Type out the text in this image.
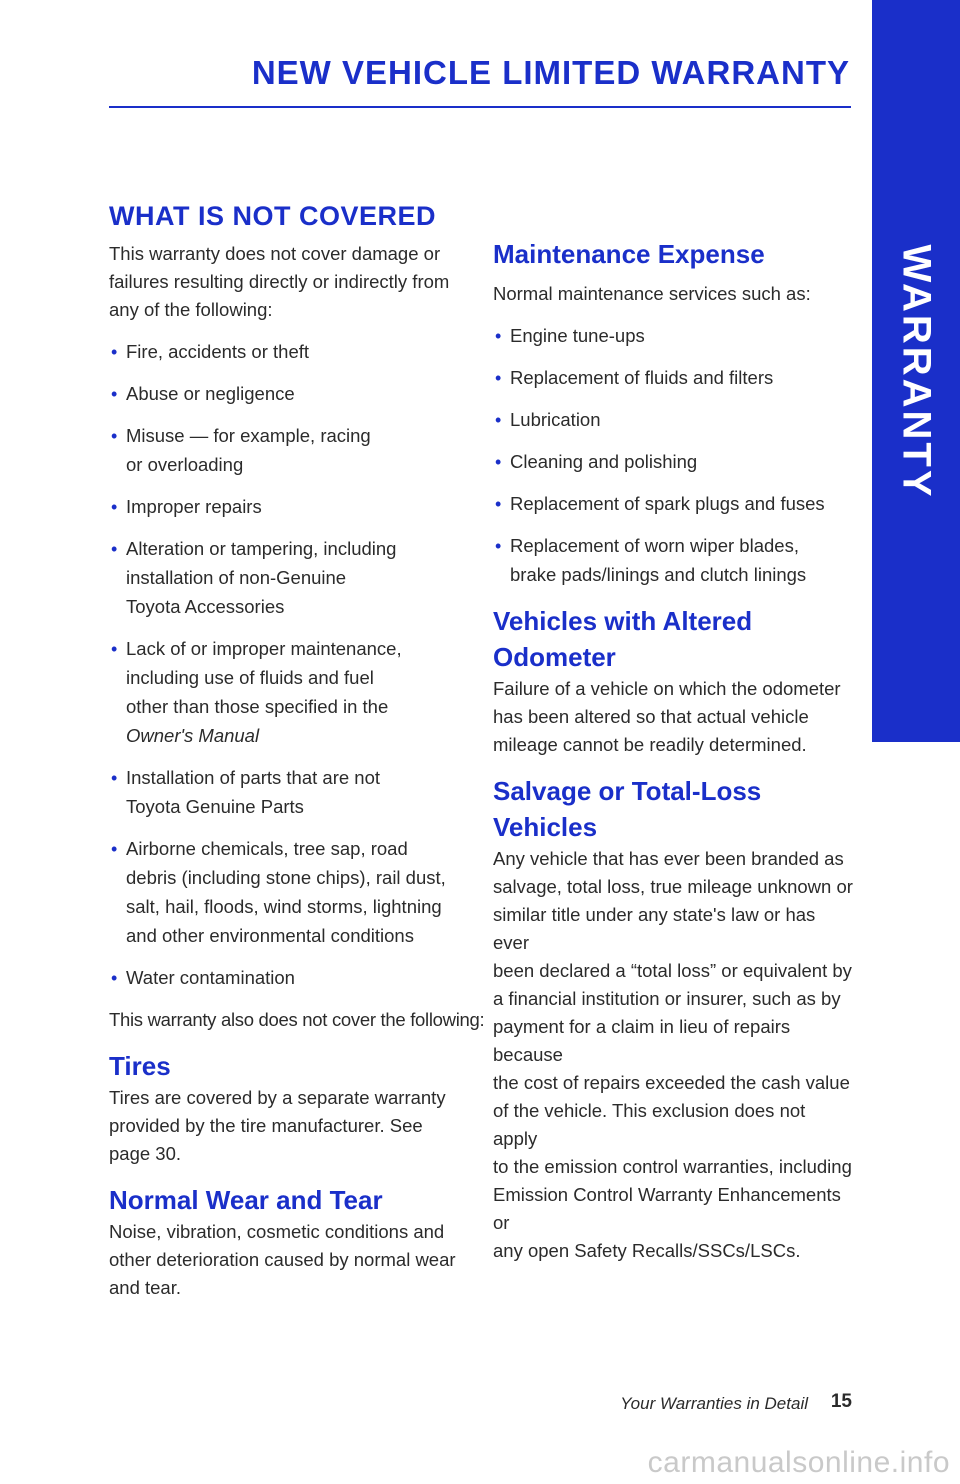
WARRANTY
NEW VEHICLE LIMITED WARRANTY
WHAT IS NOT COVERED

This warranty does not cover damage or
failures resulting directly or indirectly from
any of the following:

• Fire, accidents or theft
• Abuse or negligence
• Misuse — for example, racing
or overloading
• Improper repairs
• Alteration or tampering, including
installation of non-Genuine
Toyota Accessories
• Lack of or improper maintenance,
including use of fluids and fuel
other than those specified in the
Owner's Manual
• Installation of parts that are not
Toyota Genuine Parts
• Airborne chemicals, tree sap, road
debris (including stone chips), rail dust,
salt, hail, floods, wind storms, lightning
and other environmental conditions
• Water contamination

This warranty also does not cover the following:

Tires

Tires are covered by a separate warranty
provided by the tire manufacturer. See
page 30.

Normal Wear and Tear

Noise, vibration, cosmetic conditions and
other deterioration caused by normal wear
and tear.

Maintenance Expense

Normal maintenance services such as:

• Engine tune-ups
• Replacement of fluids and filters
• Lubrication
• Cleaning and polishing
• Replacement of spark plugs and fuses
• Replacement of worn wiper blades,
brake pads/linings and clutch linings
Vehicles with Altered Odometer

Failure of a vehicle on which the odometer
has been altered so that actual vehicle
mileage cannot be readily determined.

Salvage or Total-Loss Vehicles

Any vehicle that has ever been branded as
salvage, total loss, true mileage unknown or
similar title under any state's law or has ever
been declared a “total loss” or equivalent by
a financial institution or insurer, such as by
payment for a claim in lieu of repairs because
the cost of repairs exceeded the cash value
of the vehicle. This exclusion does not apply
to the emission control warranties, including
Emission Control Warranty Enhancements or
any open Safety Recalls/SSCs/LSCs.

Your Warranties in Detail 15
carmanualsonline.info
